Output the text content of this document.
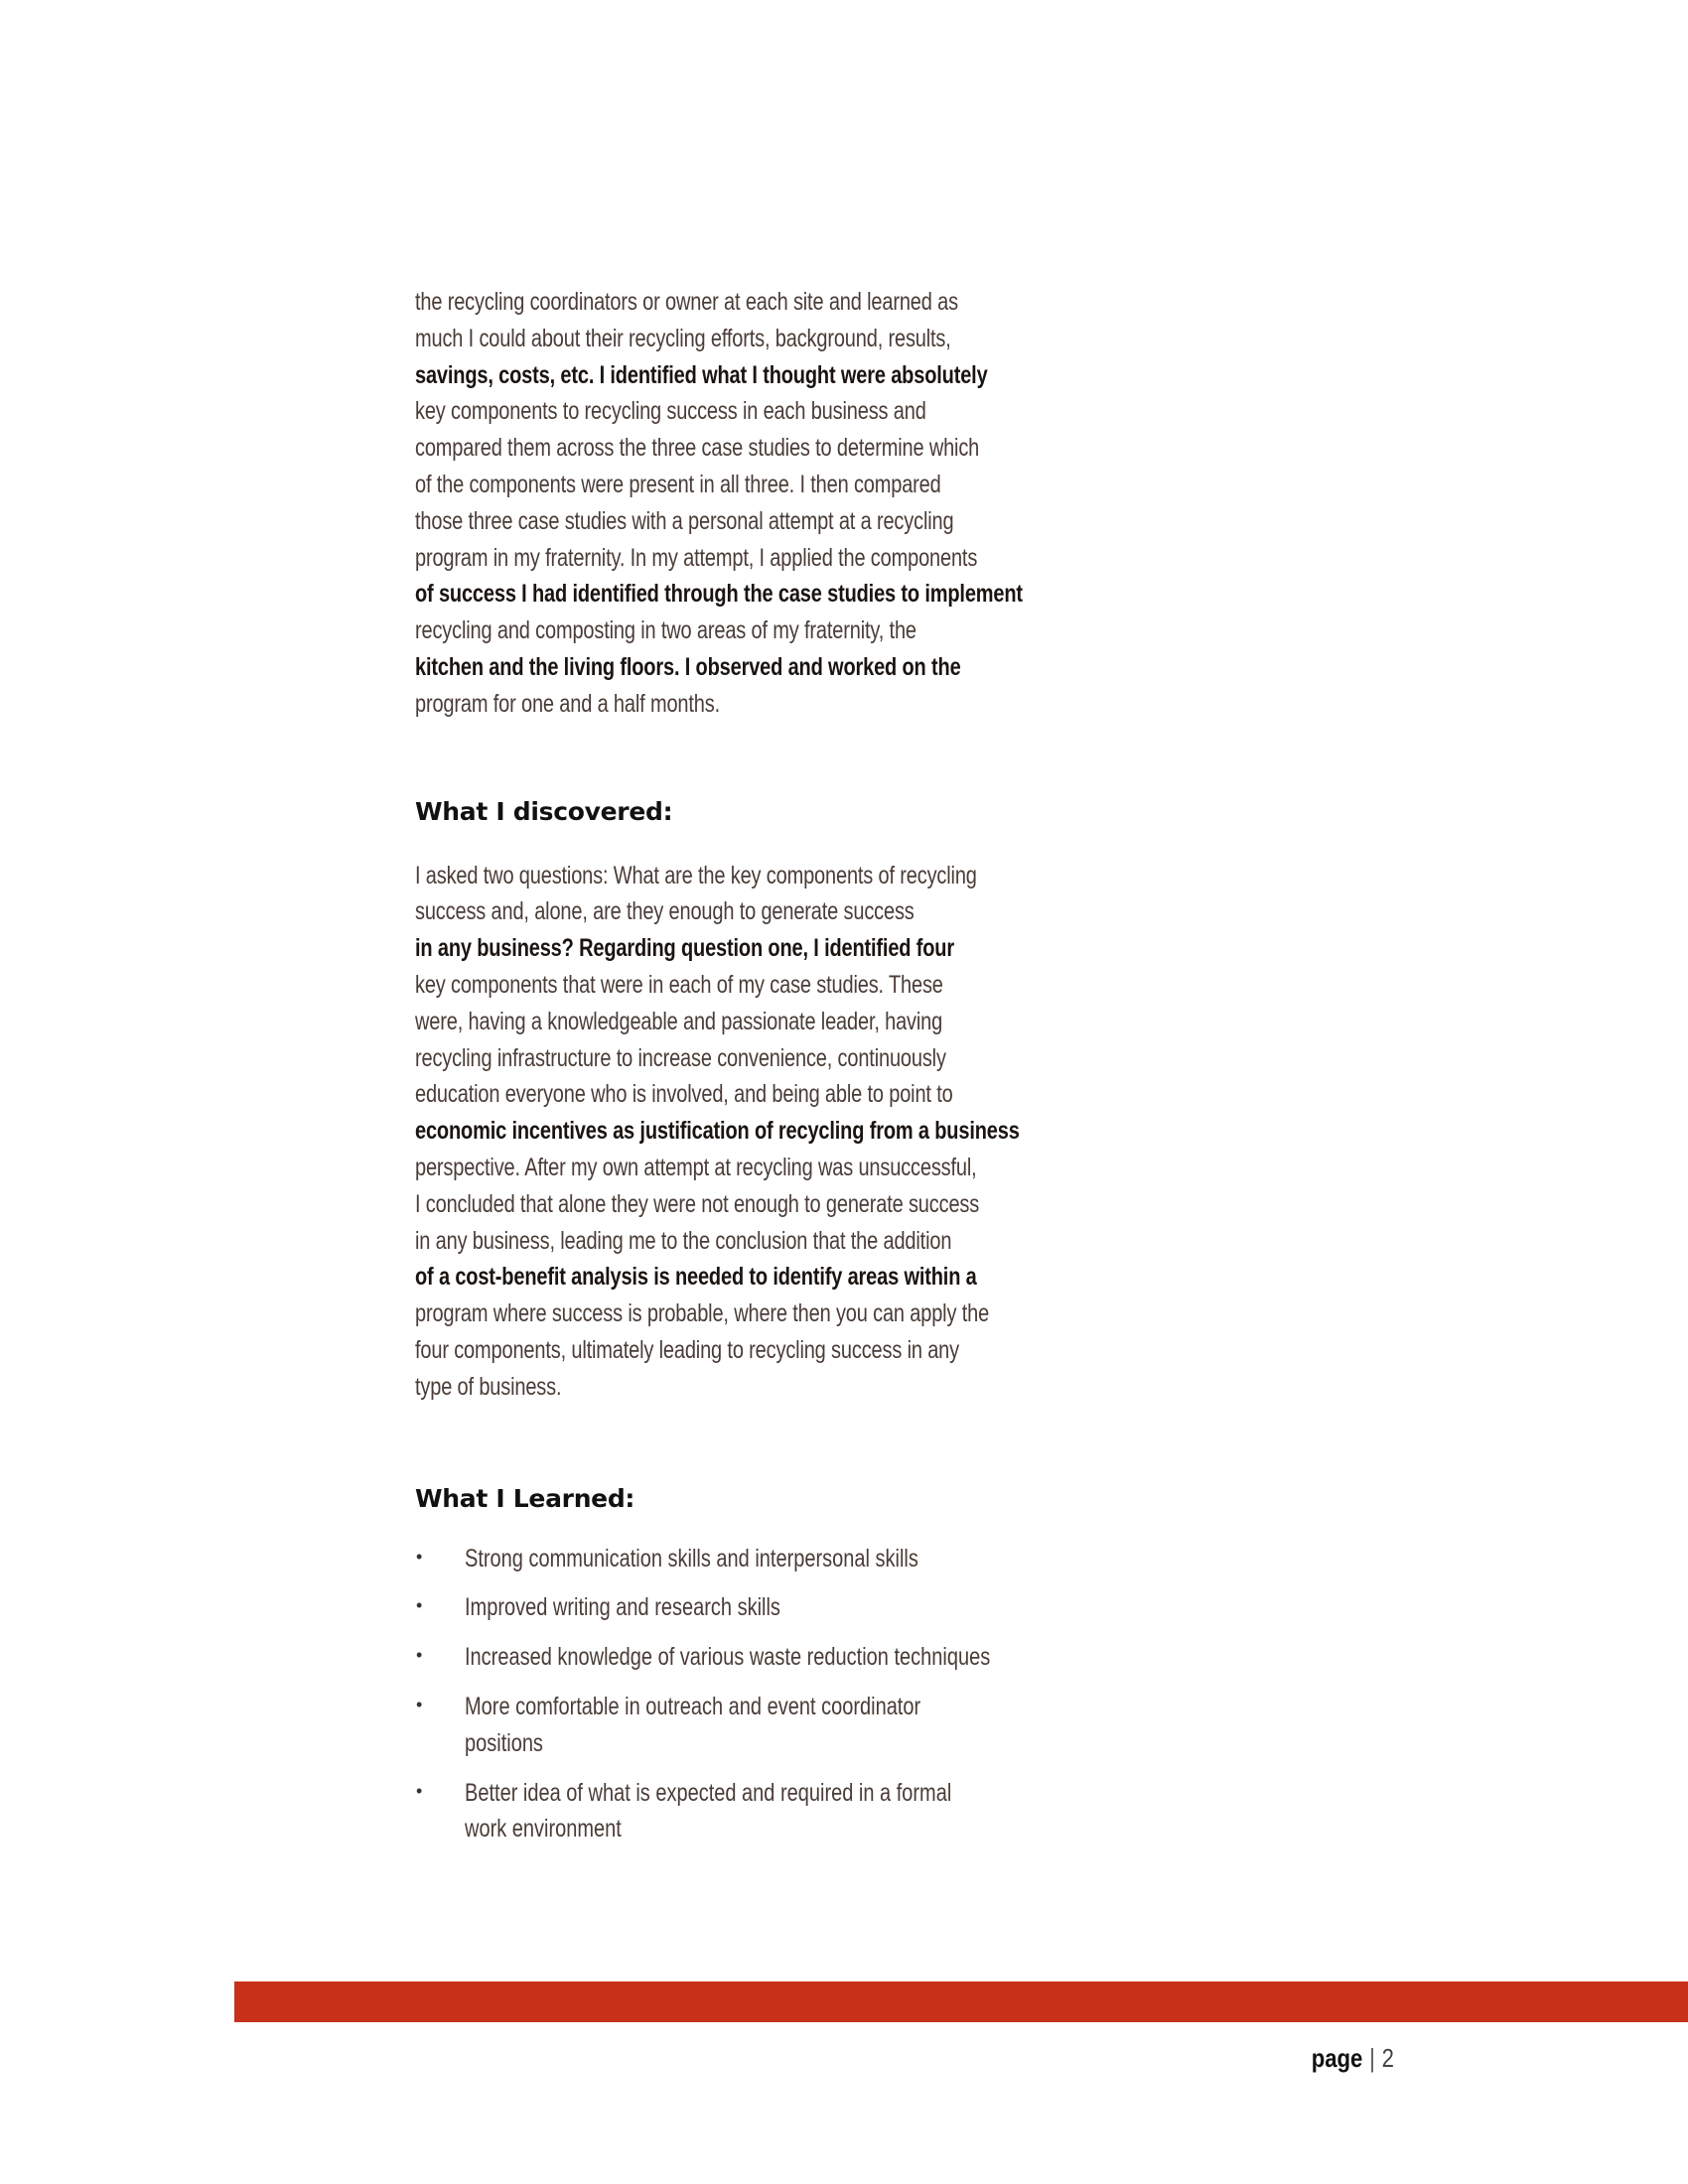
the recycling coordinators or owner at each site and learned as
much I could about their recycling efforts, background, results,
savings, costs, etc. I identified what I thought were absolutely
key components to recycling success in each business and
compared them across the three case studies to determine which
of the components were present in all three. I then compared
those three case studies with a personal attempt at a recycling
program in my fraternity. In my attempt, I applied the components
of success I had identified through the case studies to implement
recycling and composting in two areas of my fraternity, the
kitchen and the living floors. I observed and worked on the
program for one and a half months.
What I discovered:
I asked two questions: What are the key components of recycling
success and, alone, are they enough to generate success
in any business? Regarding question one, I identified four
key components that were in each of my case studies. These
were, having a knowledgeable and passionate leader, having
recycling infrastructure to increase convenience, continuously
education everyone who is involved, and being able to point to
economic incentives as justification of recycling from a business
perspective. After my own attempt at recycling was unsuccessful,
I concluded that alone they were not enough to generate success
in any business, leading me to the conclusion that the addition
of a cost-benefit analysis is needed to identify areas within a
program where success is probable, where then you can apply the
four components, ultimately leading to recycling success in any
type of business.
What I Learned:
• Strong communication skills and interpersonal skills
• Improved writing and research skills
• Increased knowledge of various waste reduction techniques
• More comfortable in outreach and event coordinator
positions
• Better idea of what is expected and required in a formal
work environment
page | 2
